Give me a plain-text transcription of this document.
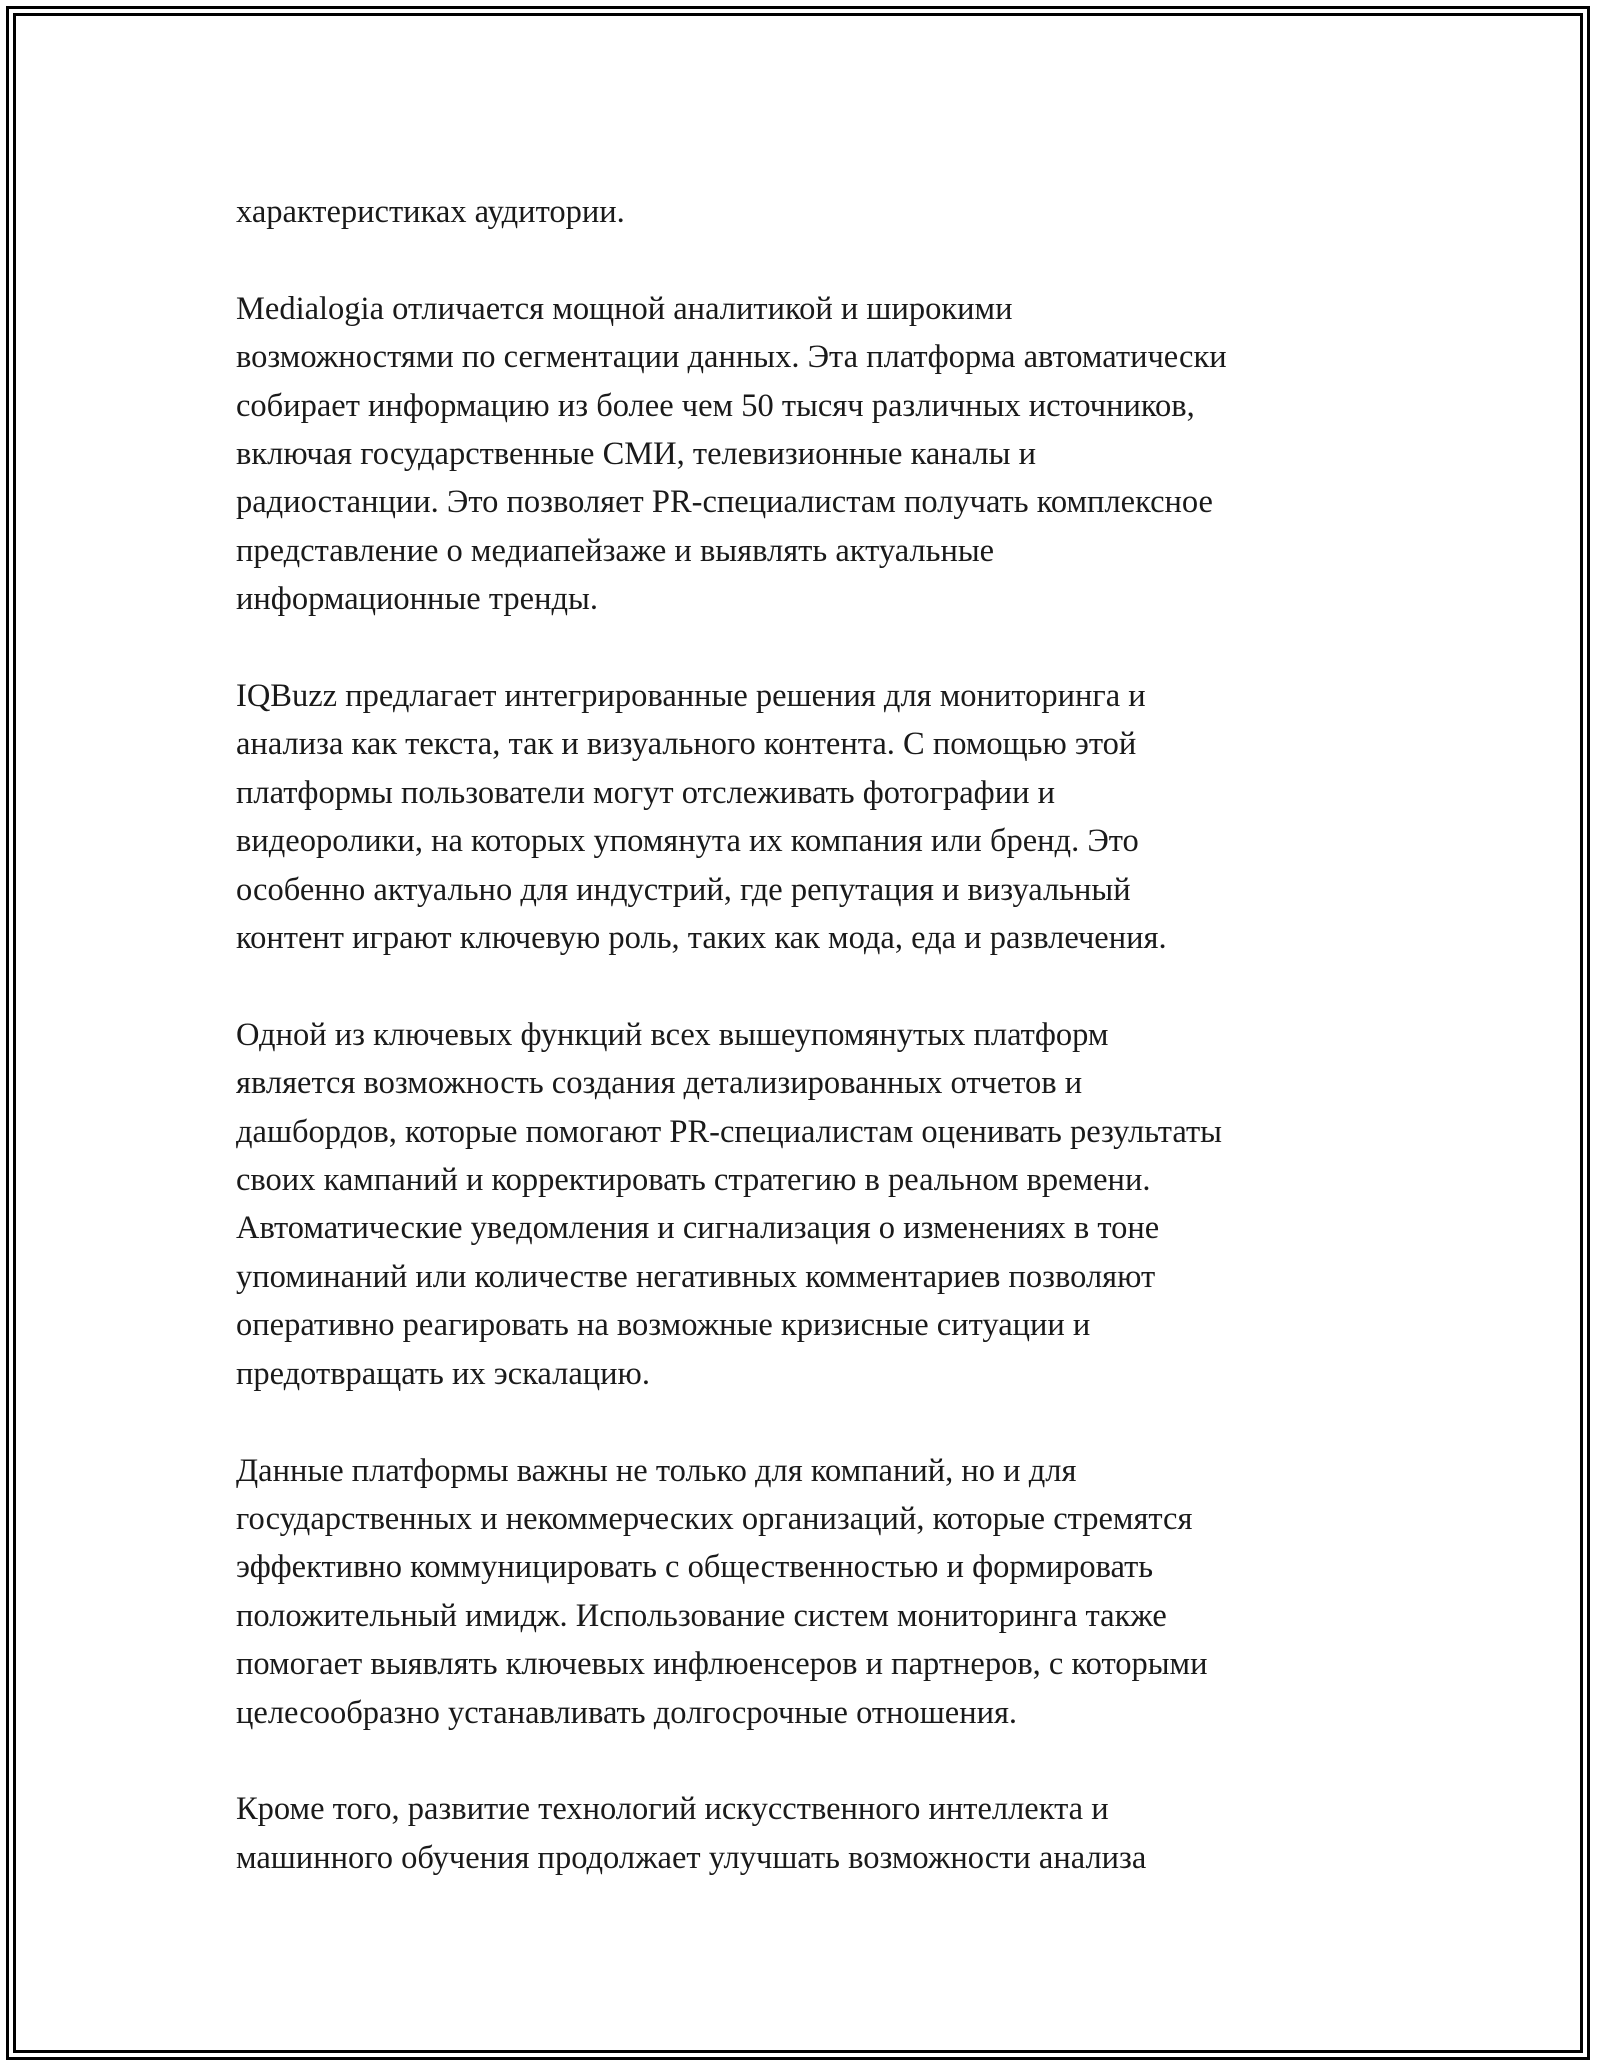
характеристиках аудитории.
Medialogia отличается мощной аналитикой и широкими
возможностями по сегментации данных. Эта платформа автоматически
собирает информацию из более чем 50 тысяч различных источников,
включая государственные СМИ, телевизионные каналы и
радиостанции. Это позволяет PR-специалистам получать комплексное
представление о медиапейзаже и выявлять актуальные
информационные тренды.
IQBuzz предлагает интегрированные решения для мониторинга и
анализа как текста, так и визуального контента. С помощью этой
платформы пользователи могут отслеживать фотографии и
видеоролики, на которых упомянута их компания или бренд. Это
особенно актуально для индустрий, где репутация и визуальный
контент играют ключевую роль, таких как мода, еда и развлечения.
Одной из ключевых функций всех вышеупомянутых платформ
является возможность создания детализированных отчетов и
дашбордов, которые помогают PR-специалистам оценивать результаты
своих кампаний и корректировать стратегию в реальном времени.
Автоматические уведомления и сигнализация о изменениях в тоне
упоминаний или количестве негативных комментариев позволяют
оперативно реагировать на возможные кризисные ситуации и
предотвращать их эскалацию.
Данные платформы важны не только для компаний, но и для
государственных и некоммерческих организаций, которые стремятся
эффективно коммуницировать с общественностью и формировать
положительный имидж. Использование систем мониторинга также
помогает выявлять ключевых инфлюенсеров и партнеров, с которыми
целесообразно устанавливать долгосрочные отношения.
Кроме того, развитие технологий искусственного интеллекта и
машинного обучения продолжает улучшать возможности анализа
